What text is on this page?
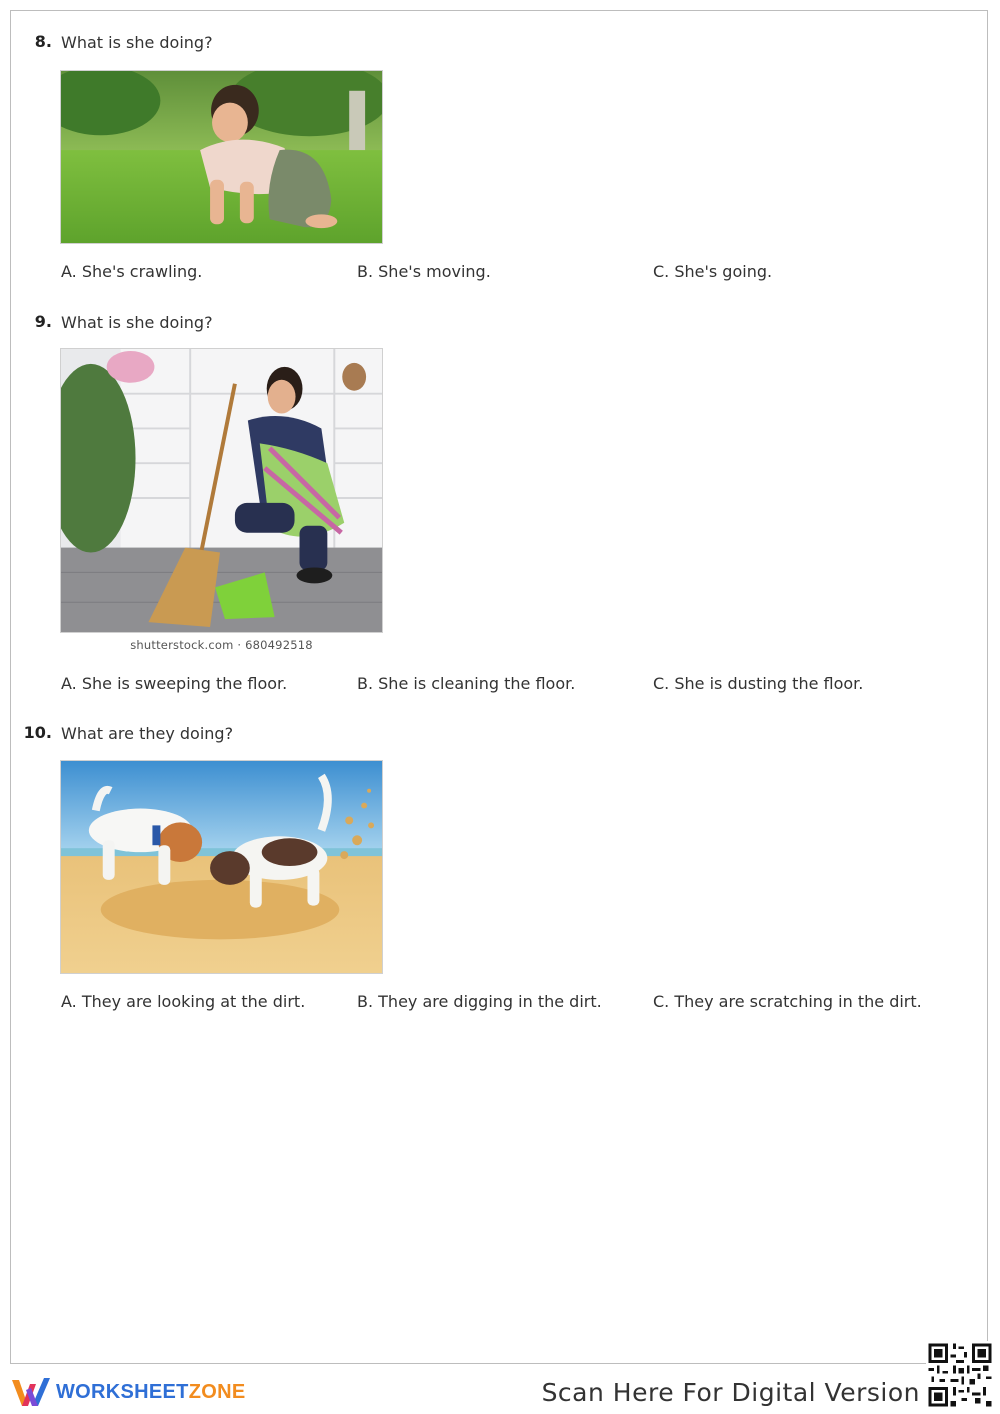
8. What is she doing?
A. She's crawling.	B. She's moving.	C. She's going.
9. What is she doing?
shutterstock.com · 680492518
A. She is sweeping the floor.	B. She is cleaning the floor.	C. She is dusting the floor.
10. What are they doing?
A. They are looking at the dirt.	B. They are digging in the dirt.	C. They are scratching in the dirt.
WORKSHEETZONE	Scan Here For Digital Version
